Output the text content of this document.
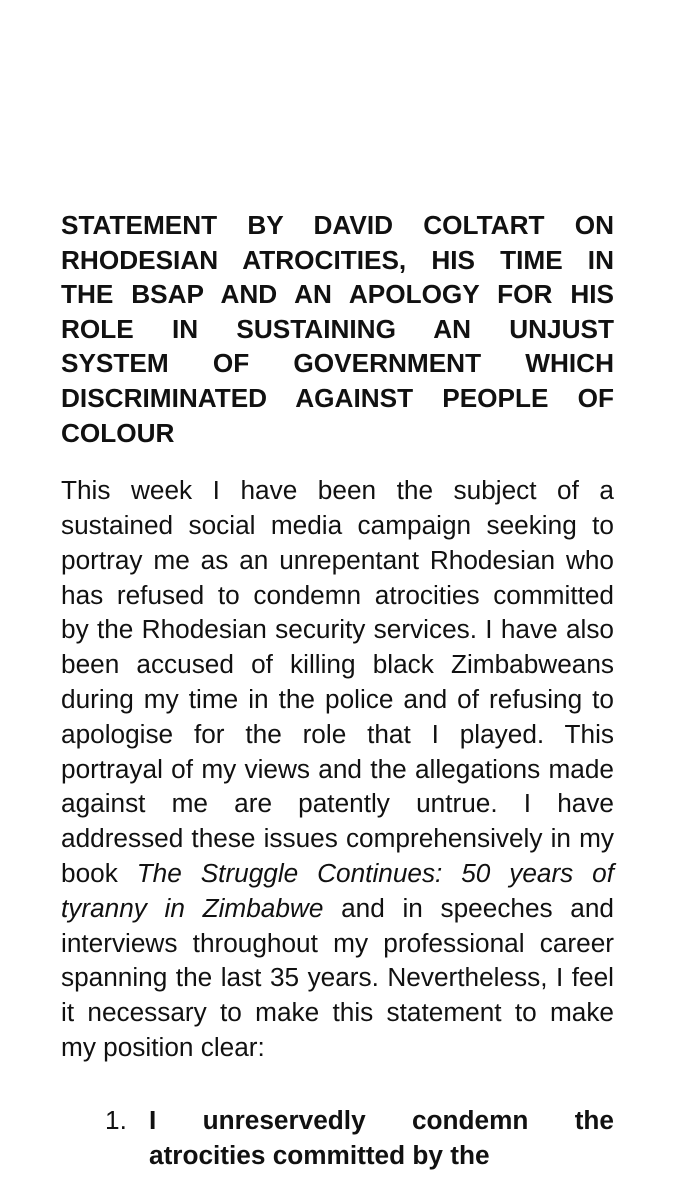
STATEMENT BY DAVID COLTART ON RHODESIAN ATROCITIES, HIS TIME IN THE BSAP AND AN APOLOGY FOR HIS ROLE IN SUSTAINING AN UNJUST SYSTEM OF GOVERNMENT WHICH DISCRIMINATED AGAINST PEOPLE OF COLOUR

This week I have been the subject of a sustained social media campaign seeking to portray me as an unrepentant Rhodesian who has refused to condemn atrocities committed by the Rhodesian security services. I have also been accused of killing black Zimbabweans during my time in the police and of refusing to apologise for the role that I played. This portrayal of my views and the allegations made against me are patently untrue. I have addressed these issues comprehensively in my book The Struggle Continues: 50 years of tyranny in Zimbabwe and in speeches and interviews throughout my professional career spanning the last 35 years. Nevertheless, I feel it necessary to make this statement to make my position clear:

1. I unreservedly condemn the atrocities committed by the
